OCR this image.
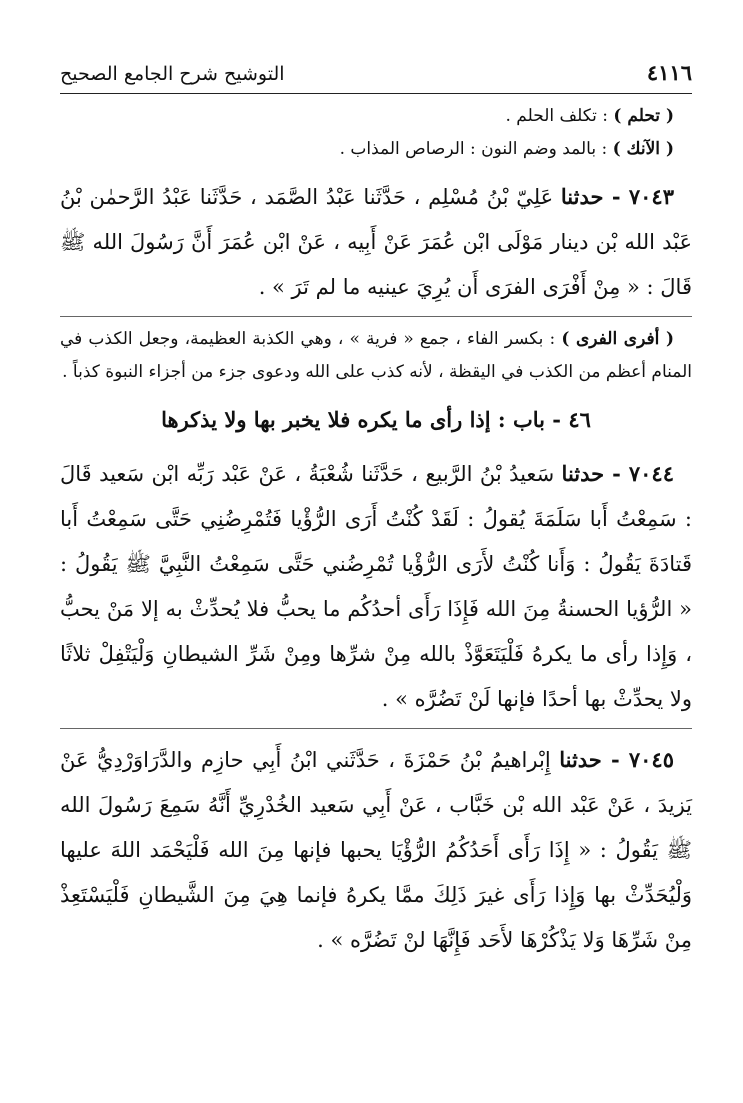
٤١١٦
التوشيح شرح الجامع الصحيح
( تحلم ) : تكلف الحلم .
( الآنك ) : بالمد وضم النون : الرصاص المذاب .
٧٠٤٣ - حدثنا عَلِيّ بْنُ مُسْلِم ، حَدَّثَنا عَبْدُ الصَّمَد ، حَدَّثَنا عَبْدُ الرَّحمٰن بْنُ عَبْد الله بْن دينار مَوْلَى ابْن عُمَرَ عَنْ أَبِيه ، عَنْ ابْن عُمَرَ أَنَّ رَسُولَ الله ﷺ قَالَ : « مِنْ أَفْرَى الفرَى أَن يُرِيَ عينيه ما لم تَرَ » .
( أفرى الفرى ) : بكسر الفاء ، جمع « فرية » ، وهي الكذبة العظيمة، وجعل الكذب في المنام أعظم من الكذب في اليقظة ، لأنه كذب على الله ودعوى جزء من أجزاء النبوة كذباً .
٤٦ - باب : إذا رأى ما يكره فلا يخبر بها ولا يذكرها
٧٠٤٤ - حدثنا سَعيدُ بْنُ الرَّبيع ، حَدَّثَنا شُعْبَةُ ، عَنْ عَبْد رَبِّه ابْن سَعيد قَالَ : سَمِعْتُ أَبا سَلَمَةَ يُقولُ : لَقَدْ كُنْتُ أَرَى الرُّؤْيا فَتُمْرِضُنِي حَتَّى سَمِعْتُ أَبا قَتادَةَ يَقُولُ : وَأَنا كُنْتُ لأَرَى الرُّؤْيا تُمْرِضُني حَتَّى سَمِعْتُ النَّبِيَّ ﷺ يَقُولُ : « الرُّؤيا الحسنةُ مِنَ الله فَإِذَا رَأَى أحدُكُم ما يحبُّ فلا يُحدِّثْ به إلا مَنْ يحبُّ ، وَإِذا رأى ما يكرهُ فَلْيَتَعَوَّذْ بالله مِنْ شرِّها ومِنْ شَرِّ الشيطانِ وَلْيَتْفِلْ ثلاثًا ولا يحدِّثْ بها أحدًا فإنها لَنْ تَضُرَّه » .
٧٠٤٥ - حدثنا إِبْراهيمُ بْنُ حَمْزَةَ ، حَدَّثَني ابْنُ أَبِي حازِم والدَّرَاوَرْدِيُّ عَنْ يَزيدَ ، عَنْ عَبْد الله بْن خَبَّاب ، عَنْ أَبِي سَعيد الخُدْرِيِّ أَنَّهُ سَمِعَ رَسُولَ الله ﷺ يَقُولُ : « إِذَا رَأَى أَحَدُكُمُ الرُّؤْيَا يحبها فإنها مِنَ الله فَلْيَحْمَد اللهَ عليها وَلْيُحَدِّثْ بها وَإِذا رَأَى غيرَ ذَلِكَ ممَّا يكرهُ فإنما هِيَ مِنَ الشَّيطانِ فَلْيَسْتَعِذْ مِنْ شَرِّهَا وَلا يَذْكُرْهَا لأَحَد فَإِنَّهَا لنْ تَضُرَّه » .
